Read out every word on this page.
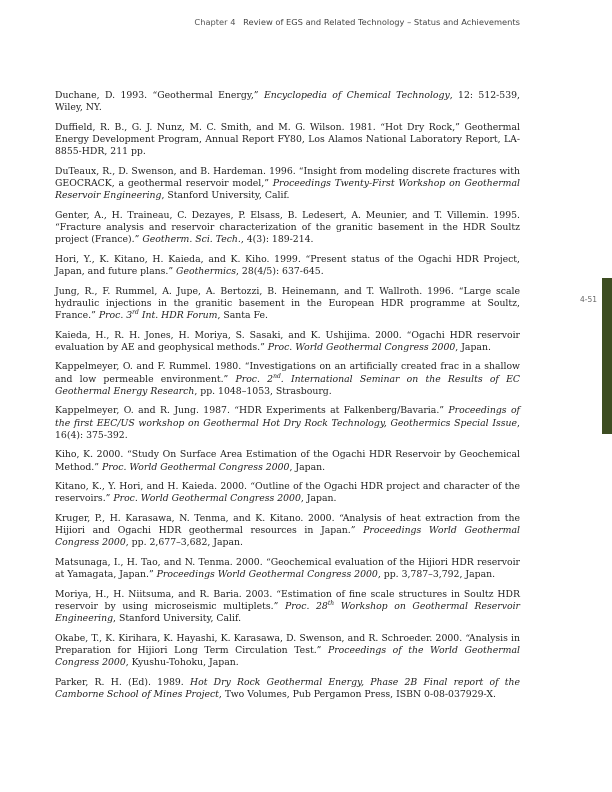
Chapter 4 Review of EGS and Related Technology – Status and Achievements
4-51

Duchane, D. 1993. “Geothermal Energy,” Encyclopedia of Chemical Technology, 12: 512-539, Wiley, NY.

Duffield, R. B., G. J. Nunz, M. C. Smith, and M. G. Wilson. 1981. “Hot Dry Rock,” Geothermal Energy Development Program, Annual Report FY80, Los Alamos National Laboratory Report, LA-8855-HDR, 211 pp.

DuTeaux, R., D. Swenson, and B. Hardeman. 1996. “Insight from modeling discrete fractures with GEOCRACK, a geothermal reservoir model,” Proceedings Twenty-First Workshop on Geothermal Reservoir Engineering, Stanford University, Calif.

Genter, A., H. Traineau, C. Dezayes, P. Elsass, B. Ledesert, A. Meunier, and T. Villemin. 1995. “Fracture analysis and reservoir characterization of the granitic basement in the HDR Soultz project (France).” Geotherm. Sci. Tech., 4(3): 189-214.

Hori, Y., K. Kitano, H. Kaieda, and K. Kiho. 1999. “Present status of the Ogachi HDR Project, Japan, and future plans.” Geothermics, 28(4/5): 637-645.

Jung, R., F. Rummel, A. Jupe, A. Bertozzi, B. Heinemann, and T. Wallroth. 1996. “Large scale hydraulic injections in the granitic basement in the European HDR programme at Soultz, France.” Proc. 3rd Int. HDR Forum, Santa Fe.

Kaieda, H., R. H. Jones, H. Moriya, S. Sasaki, and K. Ushijima. 2000. “Ogachi HDR reservoir evaluation by AE and geophysical methods.” Proc. World Geothermal Congress 2000, Japan.

Kappelmeyer, O. and F. Rummel. 1980. “Investigations on an artificially created frac in a shallow and low permeable environment.” Proc. 2nd. International Seminar on the Results of EC Geothermal Energy Research, pp. 1048–1053, Strasbourg.

Kappelmeyer, O. and R. Jung. 1987. “HDR Experiments at Falkenberg/Bavaria.” Proceedings of the first EEC/US workshop on Geothermal Hot Dry Rock Technology, Geothermics Special Issue, 16(4): 375-392.

Kiho, K. 2000. “Study On Surface Area Estimation of the Ogachi HDR Reservoir by Geochemical Method.” Proc. World Geothermal Congress 2000, Japan.

Kitano, K., Y. Hori, and H. Kaieda. 2000. “Outline of the Ogachi HDR project and character of the reservoirs.” Proc. World Geothermal Congress 2000, Japan.

Kruger, P., H. Karasawa, N. Tenma, and K. Kitano. 2000. “Analysis of heat extraction from the Hijiori and Ogachi HDR geothermal resources in Japan.” Proceedings World Geothermal Congress 2000, pp. 2,677–3,682, Japan.

Matsunaga, I., H. Tao, and N. Tenma. 2000. “Geochemical evaluation of the Hijiori HDR reservoir at Yamagata, Japan.” Proceedings World Geothermal Congress 2000, pp. 3,787–3,792, Japan.

Moriya, H., H. Niitsuma, and R. Baria. 2003. “Estimation of fine scale structures in Soultz HDR reservoir by using microseismic multiplets.” Proc. 28th Workshop on Geothermal Reservoir Engineering, Stanford University, Calif.

Okabe, T., K. Kirihara, K. Hayashi, K. Karasawa, D. Swenson, and R. Schroeder. 2000. “Analysis in Preparation for Hijiori Long Term Circulation Test.” Proceedings of the World Geothermal Congress 2000, Kyushu-Tohoku, Japan.

Parker, R. H. (Ed). 1989. Hot Dry Rock Geothermal Energy, Phase 2B Final report of the Camborne School of Mines Project, Two Volumes, Pub Pergamon Press, ISBN 0-08-037929-X.
